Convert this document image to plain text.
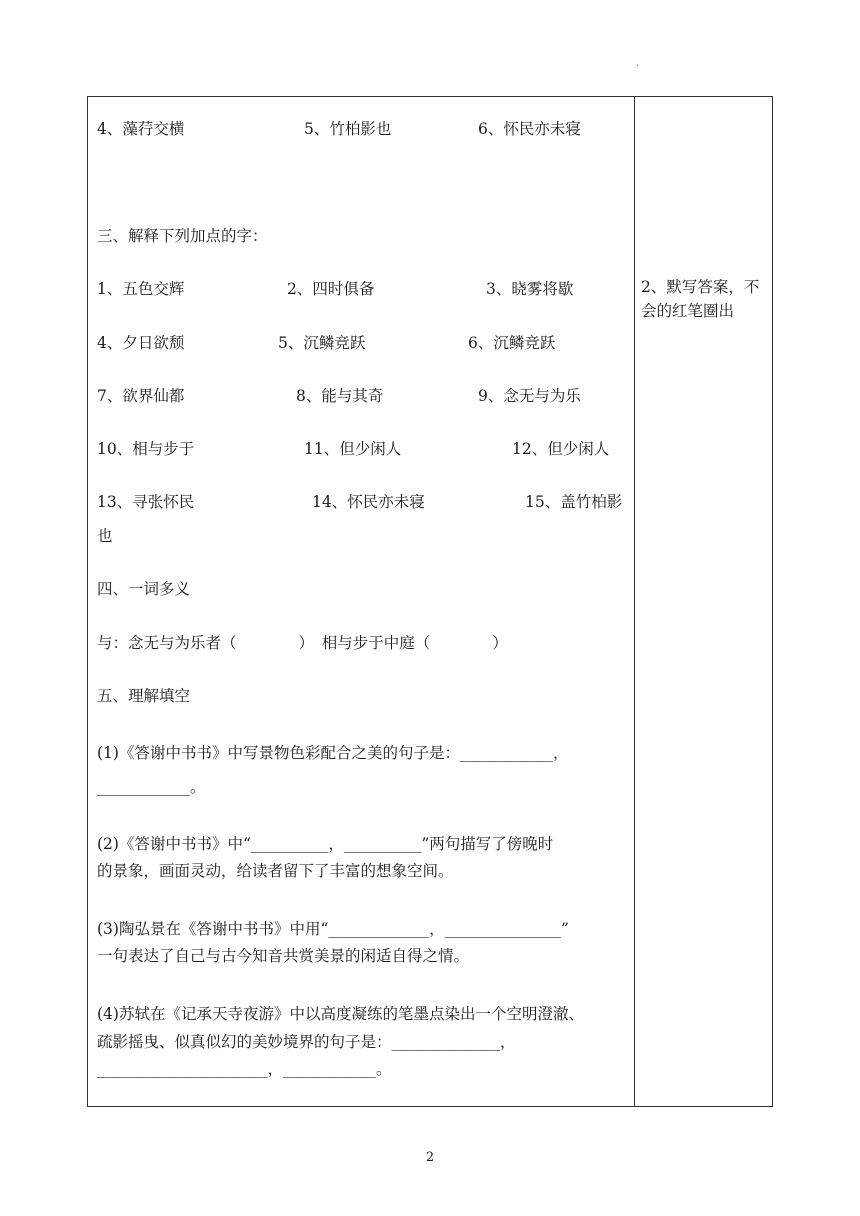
.
4、藻荇交横	5、竹柏影也	6、怀民亦未寝
三、解释下列加点的字：
1、五色交辉	2、四时俱备	3、晓雾将歇
4、夕日欲颓	5、沉鳞竞跃	6、沉鳞竞跃
7、欲界仙都	8、能与其奇	9、念无与为乐
10、相与步于	11、但少闲人	12、但少闲人
13、寻张怀民	14、怀民亦未寝	15、盖竹柏影
也
四、一词多义
与：念无与为乐者（　　　　）　相与步于中庭（　　　　）
五、理解填空
(1)《答谢中书书》中写景物色彩配合之美的句子是：____________，
____________。
(2)《答谢中书书》中“__________，__________”两句描写了傍晚时
的景象，画面灵动，给读者留下了丰富的想象空间。
(3)陶弘景在《答谢中书书》中用“_____________，_______________”
一句表达了自己与古今知音共赏美景的闲适自得之情。
(4)苏轼在《记承天寺夜游》中以高度凝练的笔墨点染出一个空明澄澈、
疏影摇曳、似真似幻的美妙境界的句子是：______________，
______________________，____________。
2、默写答案，不会的红笔圈出
2
